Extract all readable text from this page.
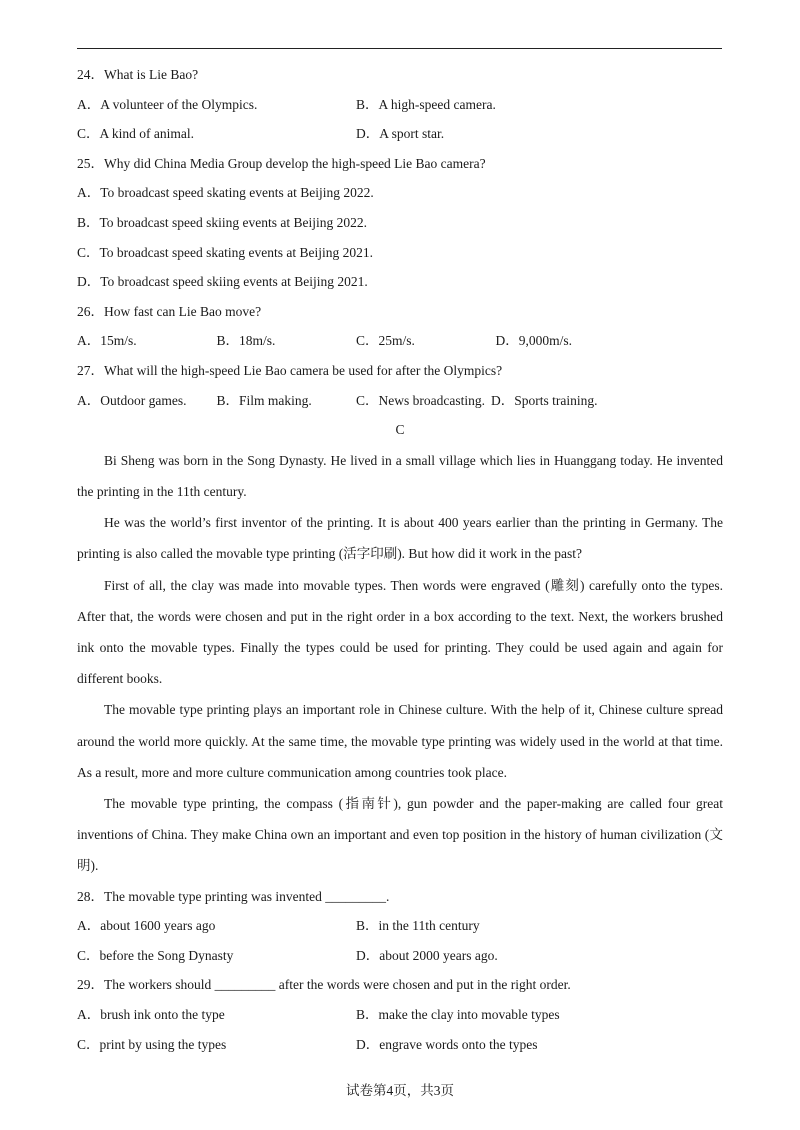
24．What is Lie Bao?
A．A volunteer of the Olympics.	B．A high-speed camera.
C．A kind of animal.	D．A sport star.
25．Why did China Media Group develop the high-speed Lie Bao camera?
A．To broadcast speed skating events at Beijing 2022.
B．To broadcast speed skiing events at Beijing 2022.
C．To broadcast speed skating events at Beijing 2021.
D．To broadcast speed skiing events at Beijing 2021.
26．How fast can Lie Bao move?
A．15m/s.	B．18m/s.	C．25m/s.	D．9,000m/s.
27．What will the high-speed Lie Bao camera be used for after the Olympics?
A．Outdoor games.	B．Film making.	C．News broadcasting. D．Sports training.
C
Bi Sheng was born in the Song Dynasty. He lived in a small village which lies in Huanggang today. He invented the printing in the 11th century.
He was the world’s first inventor of the printing. It is about 400 years earlier than the printing in Germany. The printing is also called the movable type printing (活字印刷). But how did it work in the past?
First of all, the clay was made into movable types. Then words were engraved (雕刻) carefully onto the types. After that, the words were chosen and put in the right order in a box according to the text. Next, the workers brushed ink onto the movable types. Finally the types could be used for printing. They could be used again and again for different books.
The movable type printing plays an important role in Chinese culture. With the help of it, Chinese culture spread around the world more quickly. At the same time, the movable type printing was widely used in the world at that time. As a result, more and more culture communication among countries took place.
The movable type printing, the compass (指南针), gun powder and the paper-making are called four great inventions of China. They make China own an important and even top position in the history of human civilization (文明).
28．The movable type printing was invented _________.
A．about 1600 years ago	B．in the 11th century
C．before the Song Dynasty	D．about 2000 years ago.
29．The workers should _________ after the words were chosen and put in the right order.
A．brush ink onto the type	B．make the clay into movable types
C．print by using the types	D．engrave words onto the types
试卷第4页，共3页
